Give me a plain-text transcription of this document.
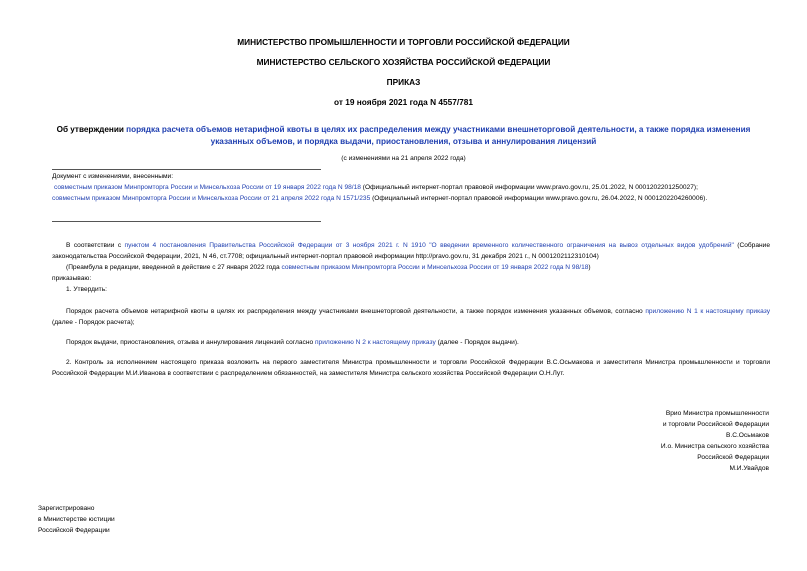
МИНИСТЕРСТВО ПРОМЫШЛЕННОСТИ И ТОРГОВЛИ РОССИЙСКОЙ ФЕДЕРАЦИИ
МИНИСТЕРСТВО СЕЛЬСКОГО ХОЗЯЙСТВА РОССИЙСКОЙ ФЕДЕРАЦИИ
ПРИКАЗ
от 19 ноября 2021 года N 4557/781
Об утверждении порядка расчета объемов нетарифной квоты в целях их распределения между участниками внешнеторговой деятельности, а также порядка изменения указанных объемов, и порядка выдачи, приостановления, отзыва и аннулирования лицензий
(с изменениями на 21 апреля 2022 года)
Документ с изменениями, внесенными:
совместным приказом Минпромторга России и Минсельхоза России от 19 января 2022 года N 98/18 (Официальный интернет-портал правовой информации www.pravo.gov.ru, 25.01.2022, N 0001202201250027);
совместным приказом Минпромторга России и Минсельхоза России от 21 апреля 2022 года N 1571/235 (Официальный интернет-портал правовой информации www.pravo.gov.ru, 26.04.2022, N 0001202204260006).
В соответствии с пунктом 4 постановления Правительства Российской Федерации от 3 ноября 2021 г. N 1910 "О введении временного количественного ограничения на вывоз отдельных видов удобрений" (Собрание законодательства Российской Федерации, 2021, N 46, ст.7708; официальный интернет-портал правовой информации http://pravo.gov.ru, 31 декабря 2021 г., N 0001202112310104)
(Преамбула в редакции, введенной в действие с 27 января 2022 года совместным приказом Минпромторга России и Минсельхоза России от 19 января 2022 года N 98/18)
приказываю:
1. Утвердить:
Порядок расчета объемов нетарифной квоты в целях их распределения между участниками внешнеторговой деятельности, а также порядок изменения указанных объемов, согласно приложению N 1 к настоящему приказу (далее - Порядок расчета);
Порядок выдачи, приостановления, отзыва и аннулирования лицензий согласно приложению N 2 к настоящему приказу (далее - Порядок выдачи).
2. Контроль за исполнением настоящего приказа возложить на первого заместителя Министра промышленности и торговли Российской Федерации В.С.Осьмакова и заместителя Министра промышленности и торговли Российской Федерации М.И.Иванова в соответствии с распределением обязанностей, на заместителя Министра сельского хозяйства Российской Федерации О.Н.Лут.
Врио Министра промышленности
и торговли Российской Федерации
В.С.Осьмаков
И.о. Министра сельского хозяйства
Российской Федерации
М.И.Увайдов
Зарегистрировано
в Министерстве юстиции
Российской Федерации
